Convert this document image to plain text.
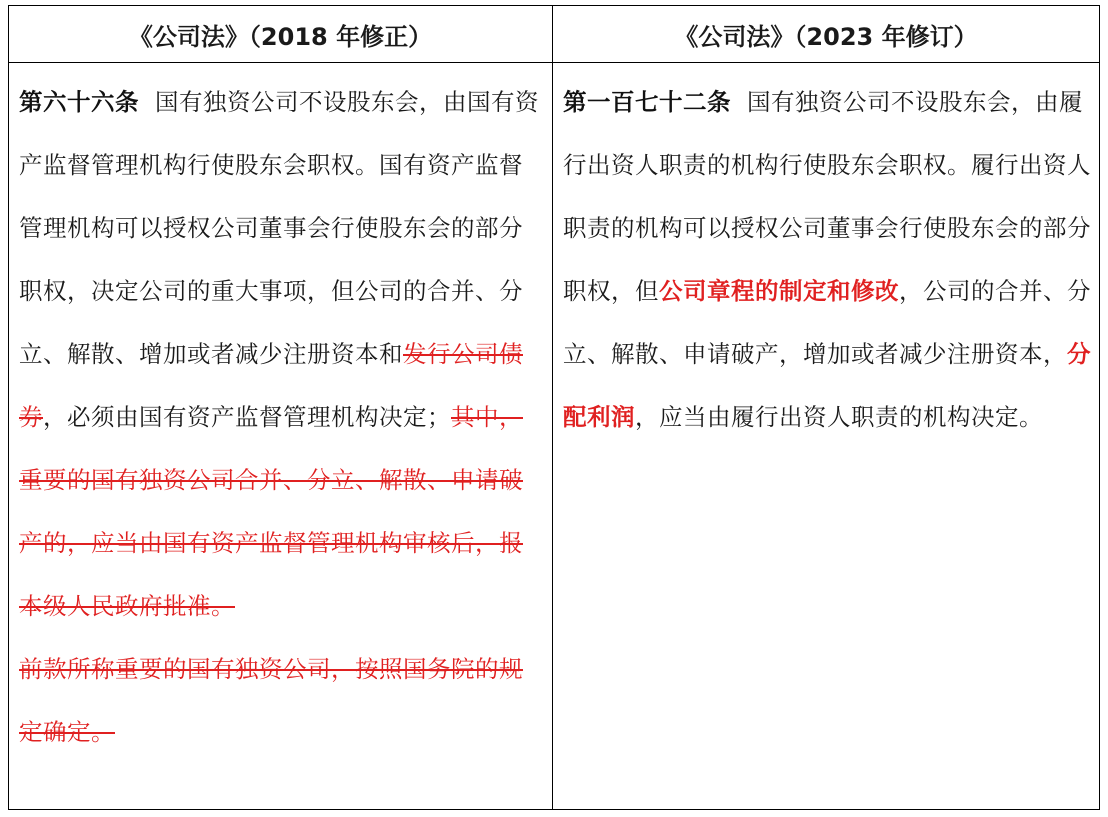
《公司法》（2018 年修正）	《公司法》（2023 年修订）

第六十六条 国有独资公司不设股东会，由国有资产监督管理机构行使股东会职权。国有资产监督管理机构可以授权公司董事会行使股东会的部分职权，决定公司的重大事项，但公司的合并、分立、解散、增加或者减少注册资本和发行公司债券，必须由国有资产监督管理机构决定；其中，重要的国有独资公司合并、分立、解散、申请破产的，应当由国有资产监督管理机构审核后，报本级人民政府批准。

前款所称重要的国有独资公司，按照国务院的规定确定。

第一百七十二条 国有独资公司不设股东会，由履行出资人职责的机构行使股东会职权。履行出资人职责的机构可以授权公司董事会行使股东会的部分职权，但公司章程的制定和修改，公司的合并、分立、解散、申请破产，增加或者减少注册资本，分配利润，应当由履行出资人职责的机构决定。
